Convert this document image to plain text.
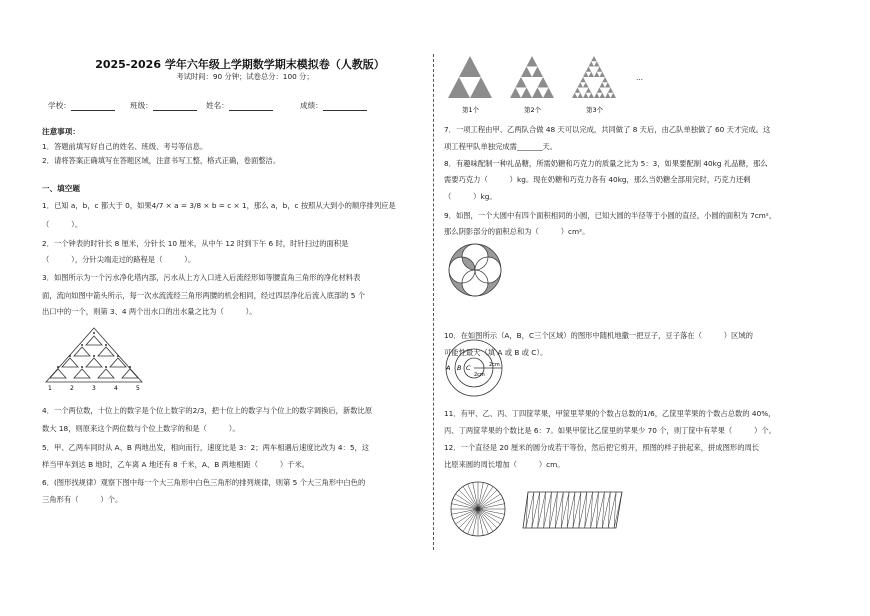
2025-2026 学年六年级上学期数学期末模拟卷（人教版）
考试时间：90 分钟；试卷总分：100 分；
学校：	班级：	姓名：	成绩：
注意事项：
1．答题前填写好自己的姓名、班级、考号等信息。
2．请将答案正确填写在答题区域，注意书写工整，格式正确，卷面整洁。
一、填空题
1．已知 a，b，c 都大于 0，如果4/7 × a = 3/8 × b = c × 1，那么 a，b，c 按照从大到小的顺序排列应是
（　　　）。
2．一个钟表的时针长 8 厘米，分针长 10 厘米，从中午 12 时到下午 6 时，时针扫过的面积是
（　　　），分针尖端走过的路程是（　　　）。
3．如图所示为一个污水净化塔内部，污水从上方入口进入后流经形如等腰直角三角形的净化材料表
面，流向如图中箭头所示，每一次水流流经三角形两腰的机会相同，经过四层净化后流入底部的 5 个
出口中的一个，则第 3、4 两个出水口的出水量之比为（　　　）。
1	2	3	4	5
4．一个两位数，十位上的数字是个位上数字的2/3，把十位上的数字与个位上的数字调换后，新数比原
数大 18，则原来这个两位数与个位上数字的和是（　　　）。
5．甲、乙两车同时从 A、B 两地出发，相向而行，速度比是 3：2；两车相遇后速度比改为 4：5，这
样当甲车到达 B 地时，乙车离 A 地还有 8 千米，A、B 两地相距（　　　）千米。
6．(图形找规律）观察下图中每一个大三角形中白色三角形的排列规律，则第 5 个大三角形中白色的
三角形有（　　　）个。
第1个	第2个	第3个
…
7．一项工程由甲、乙两队合做 48 天可以完成，共同做了 8 天后，由乙队单独做了 60 天才完成。这
项工程甲队单独完成需_______天。
8．有趣味配制一种礼品糖，所需奶糖和巧克力的质量之比为 5：3，如果要配制 40kg 礼品糖，那么
需要巧克力（　　　）kg。现在奶糖和巧克力各有 40kg，那么当奶糖全部用完时，巧克力还剩
（　　　）kg。
9．如图，一个大圆中有四个面积相同的小圆，已知大圆的半径等于小圆的直径，小圆的面积为 7cm²，
那么阴影部分的面积总和为（　　　）cm²。
10．在如图所示（A，B，C三个区域）的图形中随机地撒一把豆子，豆子落在（　　　）区域的
可能性最大（填 A 或 B 或 C）。
A B C
2cm
2cm
11．有甲、乙、丙、丁四筐苹果，甲筐里苹果的个数占总数的1/6，乙筐里苹果的个数占总数的 40%，
丙、丁两筐苹果的个数比是 6：7。如果甲筐比乙筐里的苹果少 70 个，则丁筐中有苹果（　　　）个。
12．一个直径是 20 厘米的圆分成若干等份，然后把它剪开，照图的样子拼起来，拼成图形的周长
比原来圆的周长增加（　　　）cm。
